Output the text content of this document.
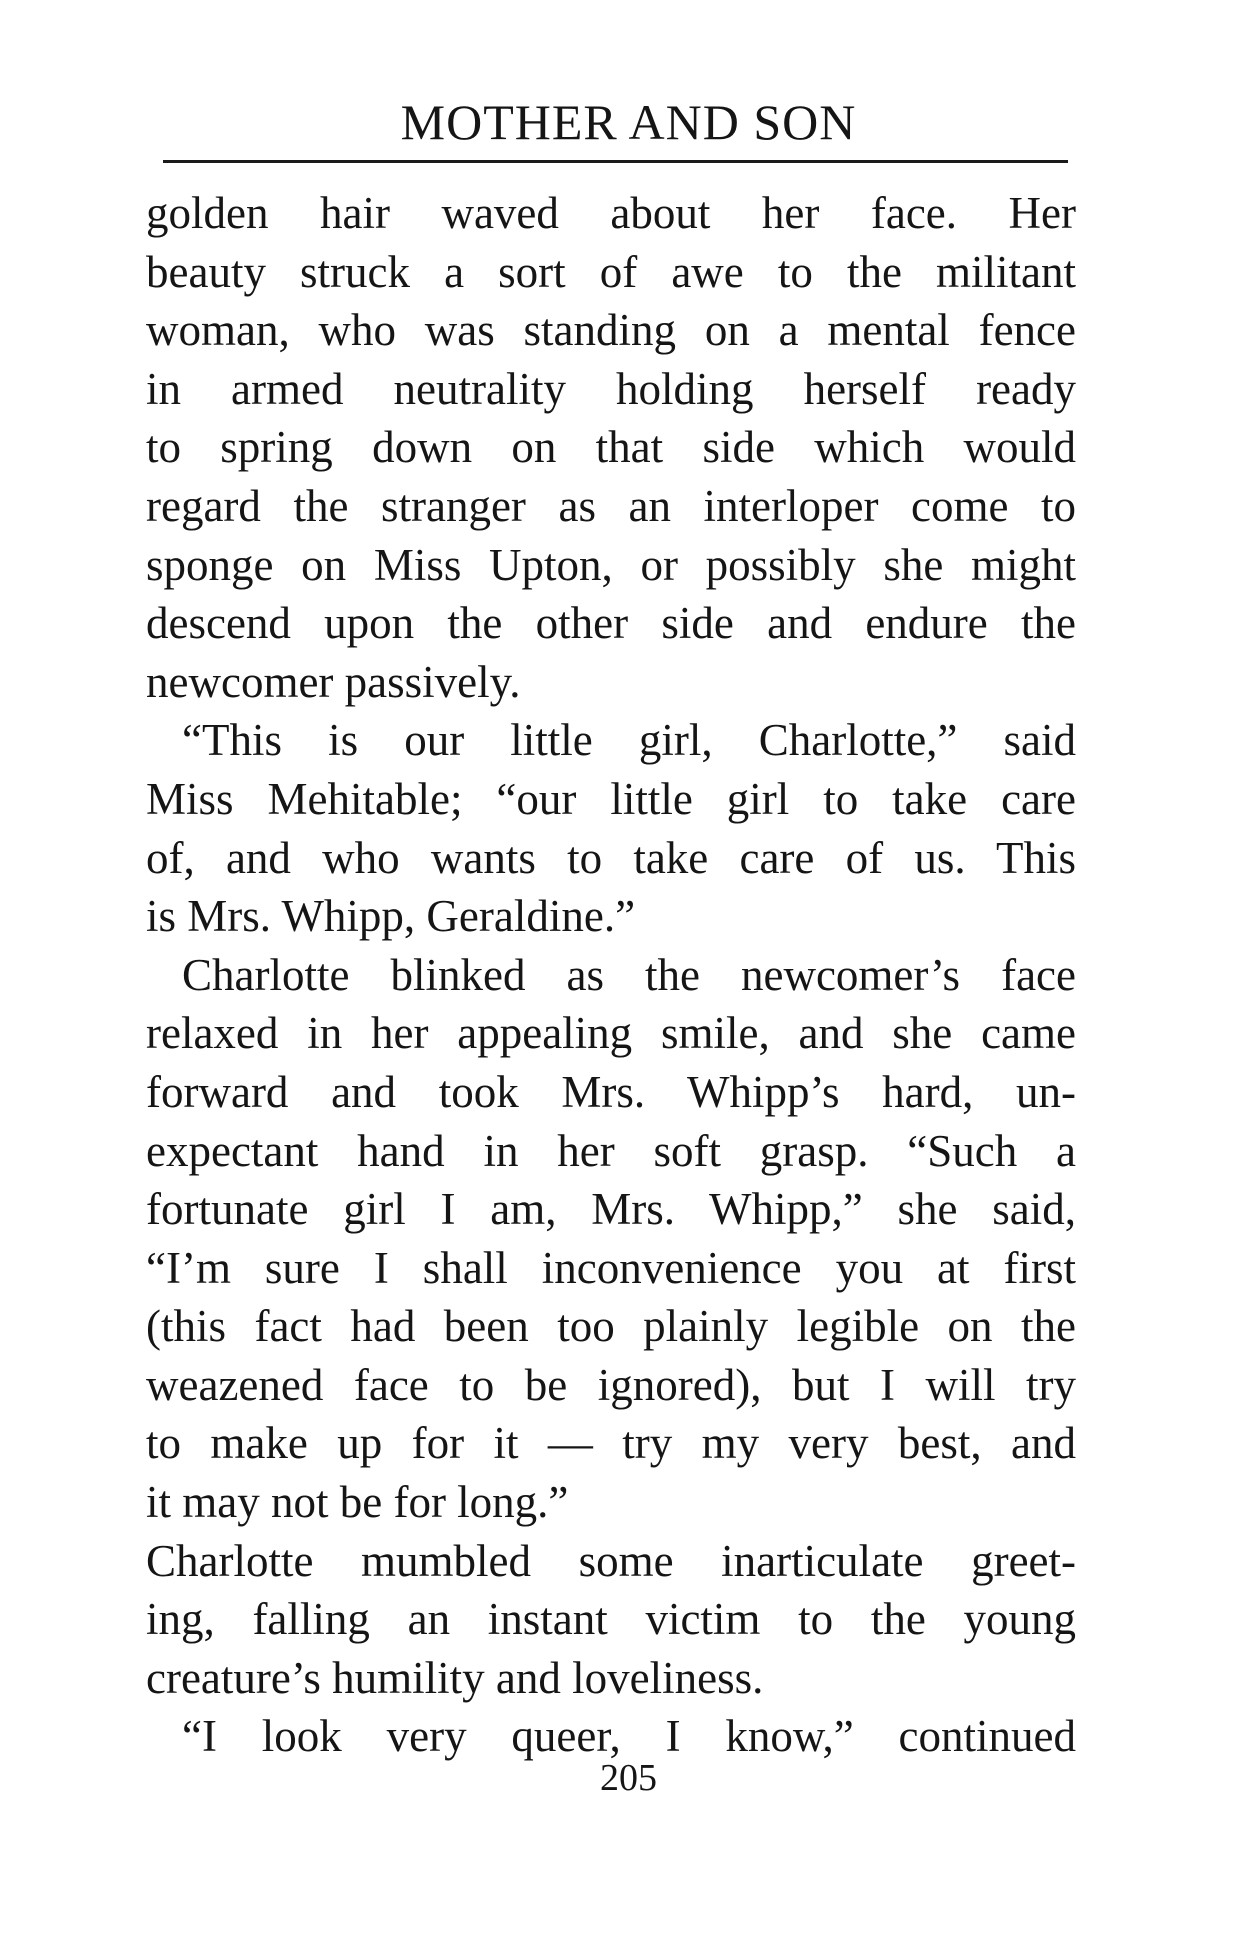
MOTHER AND SON
golden hair waved about her face. Her
beauty struck a sort of awe to the militant
woman, who was standing on a mental fence
in armed neutrality holding herself ready
to spring down on that side which would
regard the stranger as an interloper come to
sponge on Miss Upton, or possibly she might
descend upon the other side and endure the
newcomer passively.
“This is our little girl, Charlotte,” said
Miss Mehitable; “our little girl to take care
of, and who wants to take care of us. This
is Mrs. Whipp, Geraldine.”
Charlotte blinked as the newcomer’s face
relaxed in her appealing smile, and she came
forward and took Mrs. Whipp’s hard, un-
expectant hand in her soft grasp. “Such a
fortunate girl I am, Mrs. Whipp,” she said,
“I’m sure I shall inconvenience you at first
(this fact had been too plainly legible on the
weazened face to be ignored), but I will try
to make up for it — try my very best, and
it may not be for long.”
Charlotte mumbled some inarticulate greet-
ing, falling an instant victim to the young
creature’s humility and loveliness.
“I look very queer, I know,” continued
205
